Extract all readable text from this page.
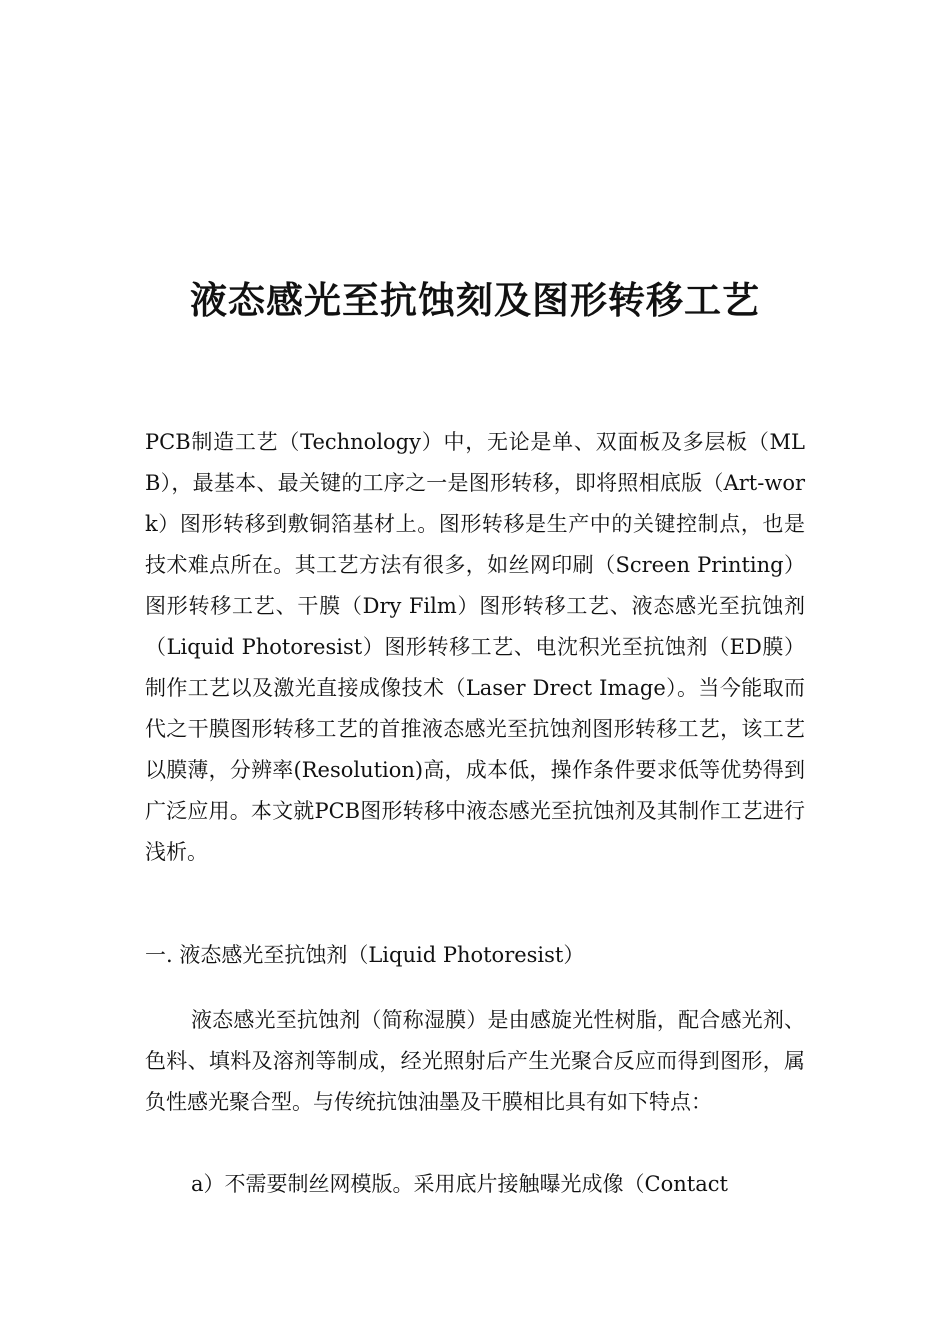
液态感光至抗蚀刻及图形转移工艺

PCB制造工艺（Technology）中，无论是单、双面板及多层板（MLB），最基本、最关键的工序之一是图形转移，即将照相底版（Art-work）图形转移到敷铜箔基材上。图形转移是生产中的关键控制点，也是技术难点所在。其工艺方法有很多，如丝网印刷（Screen Printing）图形转移工艺、干膜（Dry Film）图形转移工艺、液态感光至抗蚀剂（Liquid Photoresist）图形转移工艺、电沈积光至抗蚀剂（ED膜）制作工艺以及激光直接成像技术（Laser Drect Image）。当今能取而代之干膜图形转移工艺的首推液态感光至抗蚀剂图形转移工艺，该工艺以膜薄，分辨率(Resolution)高，成本低，操作条件要求低等优势得到广泛应用。本文就PCB图形转移中液态感光至抗蚀剂及其制作工艺进行浅析。

一. 液态感光至抗蚀剂（Liquid Photoresist）

液态感光至抗蚀剂（简称湿膜）是由感旋光性树脂，配合感光剂、色料、填料及溶剂等制成，经光照射后产生光聚合反应而得到图形，属负性感光聚合型。与传统抗蚀油墨及干膜相比具有如下特点：

a）不需要制丝网模版。采用底片接触曝光成像（Contact
